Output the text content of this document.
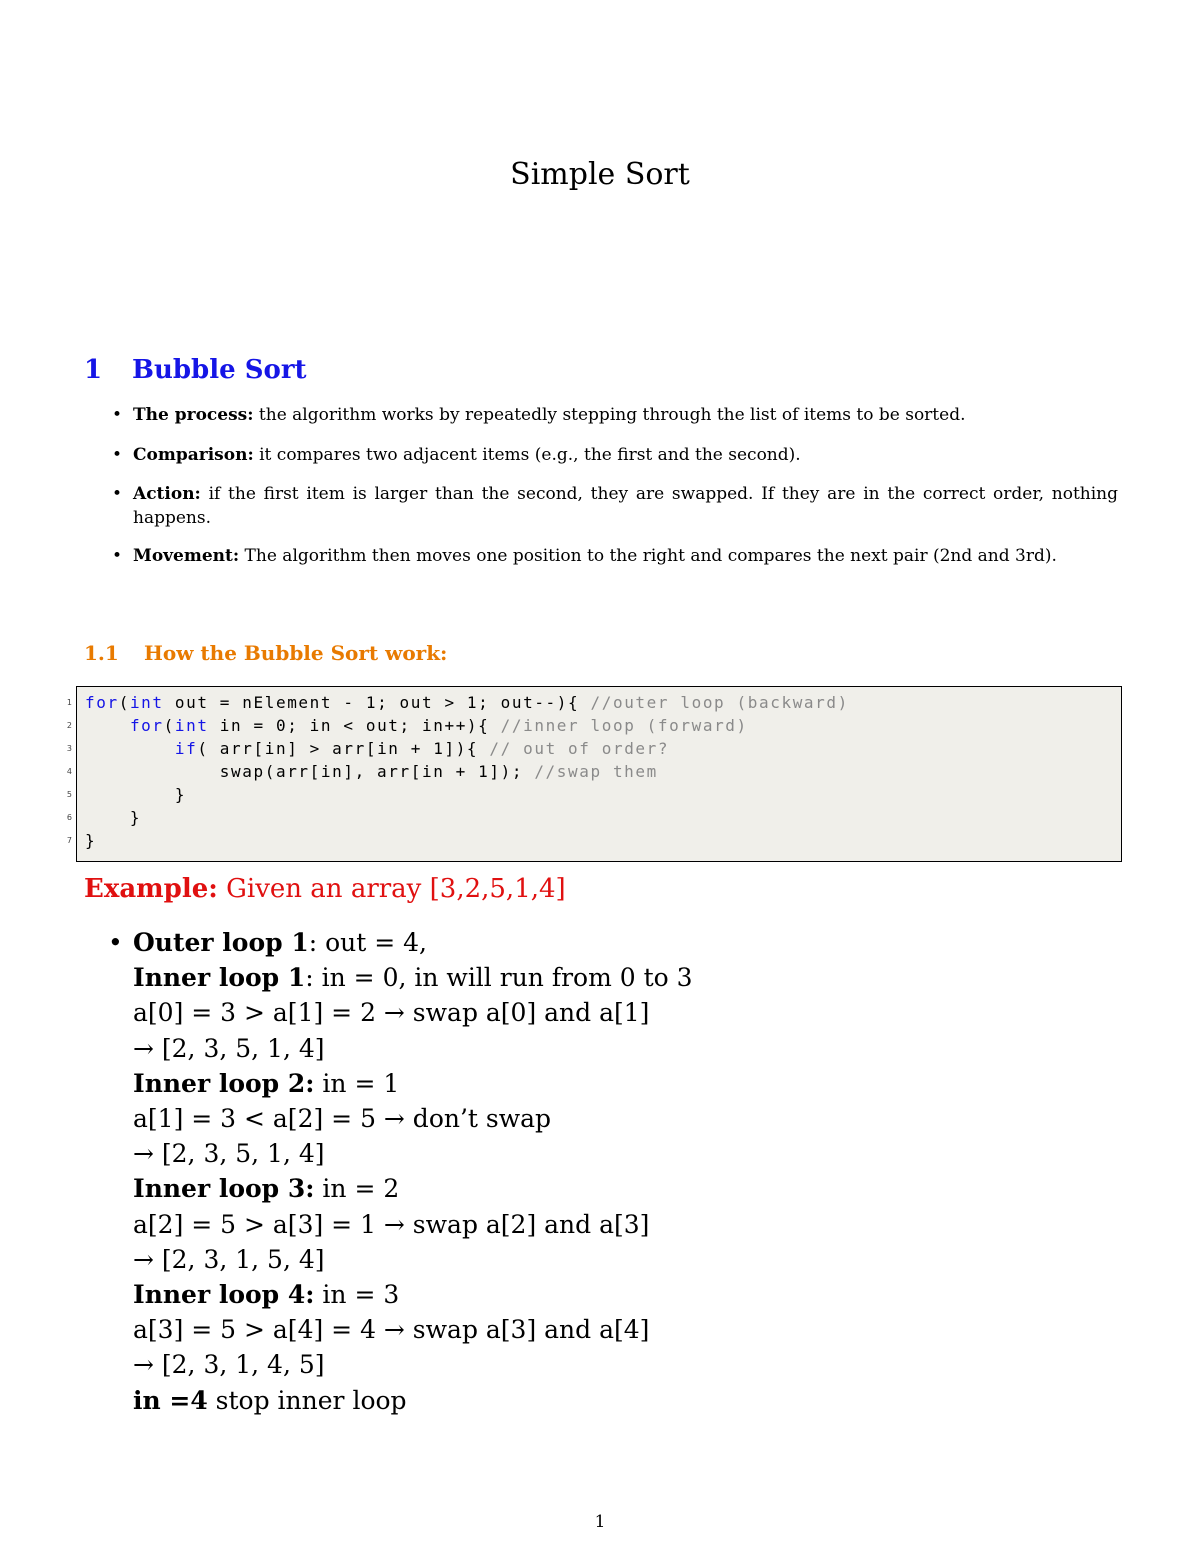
Simple Sort
1 Bubble Sort
• The process: the algorithm works by repeatedly stepping through the list of items to be sorted.
• Comparison: it compares two adjacent items (e.g., the first and the second).
• Action: if the first item is larger than the second, they are swapped. If they are in the correct order, nothing happens.
• Movement: The algorithm then moves one position to the right and compares the next pair (2nd and 3rd).
1.1 How the Bubble Sort work:
1
2
3
4
5
6
7
for(int out = nElement - 1; out > 1; out--){ //outer loop (backward)
for(int in = 0; in < out; in++){ //inner loop (forward)
if( arr[in] > arr[in + 1]){ // out of order?
swap(arr[in], arr[in + 1]); //swap them
}
}
}
Example: Given an array [3,2,5,1,4]
• Outer loop 1: out = 4,
Inner loop 1: in = 0, in will run from 0 to 3
a[0] = 3 > a[1] = 2 → swap a[0] and a[1]
→ [2, 3, 5, 1, 4]
Inner loop 2: in = 1
a[1] = 3 < a[2] = 5 → don’t swap
→ [2, 3, 5, 1, 4]
Inner loop 3: in = 2
a[2] = 5 > a[3] = 1 → swap a[2] and a[3]
→ [2, 3, 1, 5, 4]
Inner loop 4: in = 3
a[3] = 5 > a[4] = 4 → swap a[3] and a[4]
→ [2, 3, 1, 4, 5]
in =4 stop inner loop
1
